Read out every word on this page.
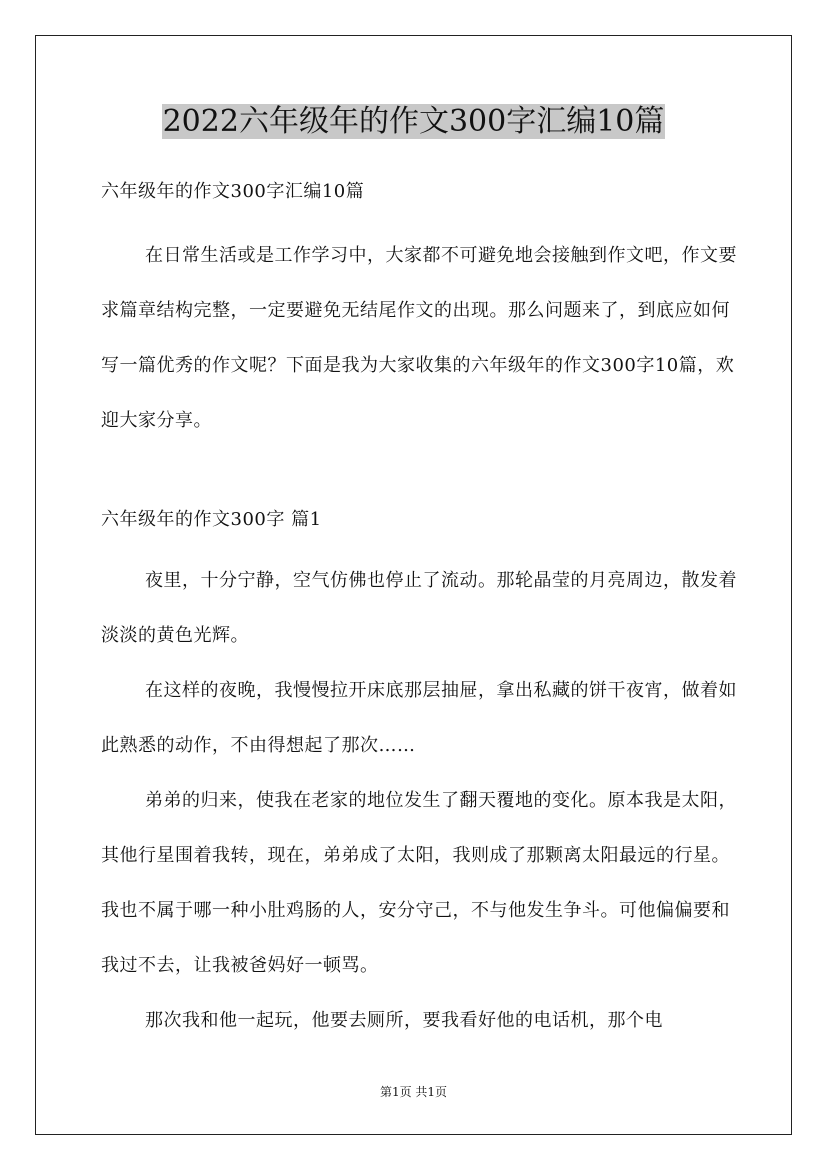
2022六年级年的作文300字汇编10篇
六年级年的作文300字汇编10篇

在日常生活或是工作学习中，大家都不可避免地会接触到作文吧，作文要求篇章结构完整，一定要避免无结尾作文的出现。那么问题来了，到底应如何写一篇优秀的作文呢？下面是我为大家收集的六年级年的作文300字10篇，欢迎大家分享。

六年级年的作文300字 篇1

夜里，十分宁静，空气仿佛也停止了流动。那轮晶莹的月亮周边，散发着淡淡的黄色光辉。

在这样的夜晚，我慢慢拉开床底那层抽屉，拿出私藏的饼干夜宵，做着如此熟悉的动作，不由得想起了那次……

弟弟的归来，使我在老家的地位发生了翻天覆地的变化。原本我是太阳，其他行星围着我转，现在，弟弟成了太阳，我则成了那颗离太阳最远的行星。我也不属于哪一种小肚鸡肠的人，安分守己，不与他发生争斗。可他偏偏要和我过不去，让我被爸妈好一顿骂。

那次我和他一起玩，他要去厕所，要我看好他的电话机，那个电

第1页 共1页
